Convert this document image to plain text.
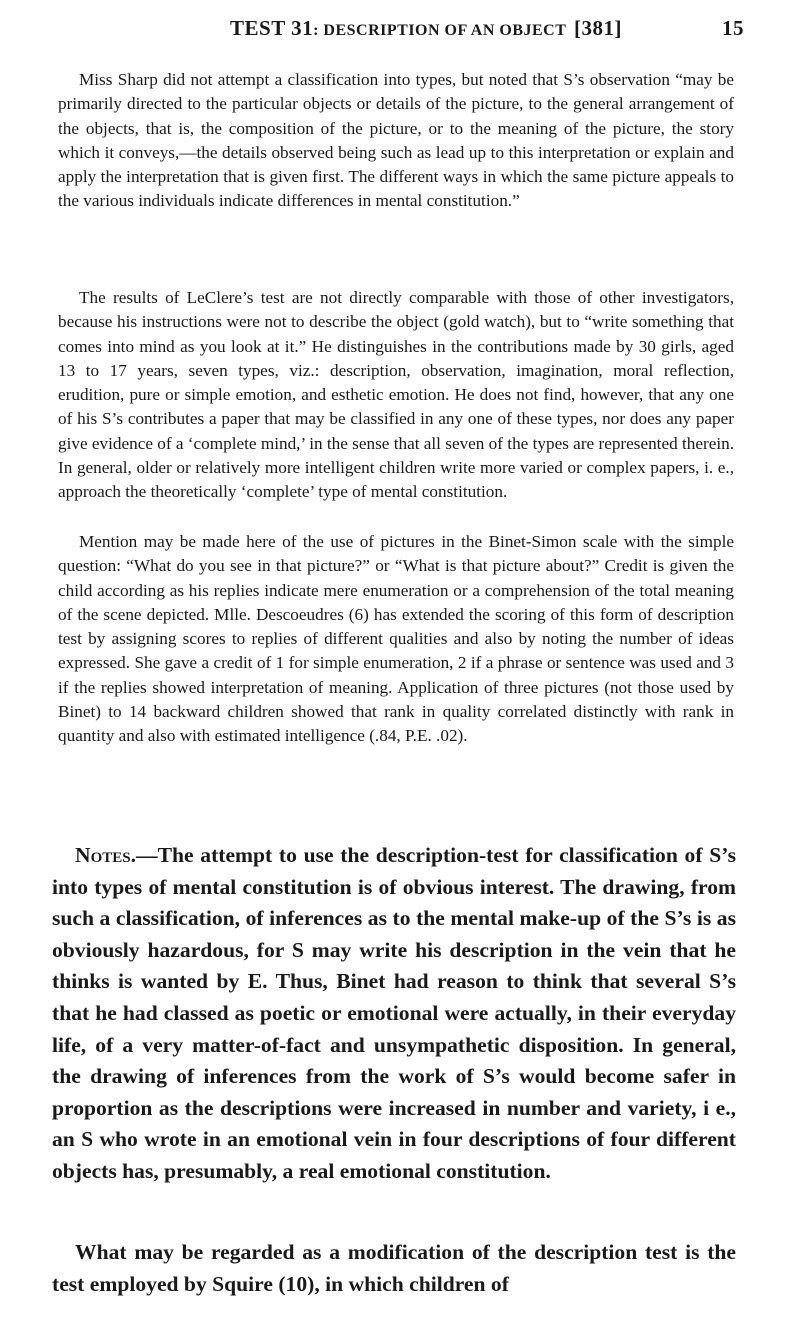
TEST 31: DESCRIPTION OF AN OBJECT [381]	15

Miss Sharp did not attempt a classification into types, but noted that S’s observation “may be primarily directed to the particular objects or details of the picture, to the general arrangement of the objects, that is, the composition of the picture, or to the meaning of the picture, the story which it conveys,—the details observed being such as lead up to this interpretation or explain and apply the interpretation that is given first. The different ways in which the same picture appeals to the various individuals indicate differences in mental constitution.”

The results of LeClere’s test are not directly comparable with those of other investigators, because his instructions were not to describe the object (gold watch), but to “write something that comes into mind as you look at it.” He distinguishes in the contributions made by 30 girls, aged 13 to 17 years, seven types, viz.: description, observation, imagination, moral reflection, erudition, pure or simple emotion, and esthetic emotion. He does not find, however, that any one of his S’s contributes a paper that may be classified in any one of these types, nor does any paper give evidence of a ‘complete mind,’ in the sense that all seven of the types are represented therein. In general, older or relatively more intelligent children write more varied or complex papers, i. e., approach the theoretically ‘complete’ type of mental constitution.

Mention may be made here of the use of pictures in the Binet-Simon scale with the simple question: “What do you see in that picture?” or “What is that picture about?” Credit is given the child according as his replies indicate mere enumeration or a comprehension of the total meaning of the scene depicted. Mlle. Descoeudres (6) has extended the scoring of this form of description test by assigning scores to replies of different qualities and also by noting the number of ideas expressed. She gave a credit of 1 for simple enumeration, 2 if a phrase or sentence was used and 3 if the replies showed interpretation of meaning. Application of three pictures (not those used by Binet) to 14 backward children showed that rank in quality correlated distinctly with rank in quantity and also with estimated intelligence (.84, P.E. .02).

Notes.—The attempt to use the description-test for classification of S’s into types of mental constitution is of obvious interest. The drawing, from such a classification, of inferences as to the mental make-up of the S’s is as obviously hazardous, for S may write his description in the vein that he thinks is wanted by E. Thus, Binet had reason to think that several S’s that he had classed as poetic or emotional were actually, in their everyday life, of a very matter-of-fact and unsympathetic disposition. In general, the drawing of inferences from the work of S’s would become safer in proportion as the descriptions were increased in number and variety, i e., an S who wrote in an emotional vein in four descriptions of four different objects has, presumably, a real emotional constitution.

What may be regarded as a modification of the description test is the test employed by Squire (10), in which children of
